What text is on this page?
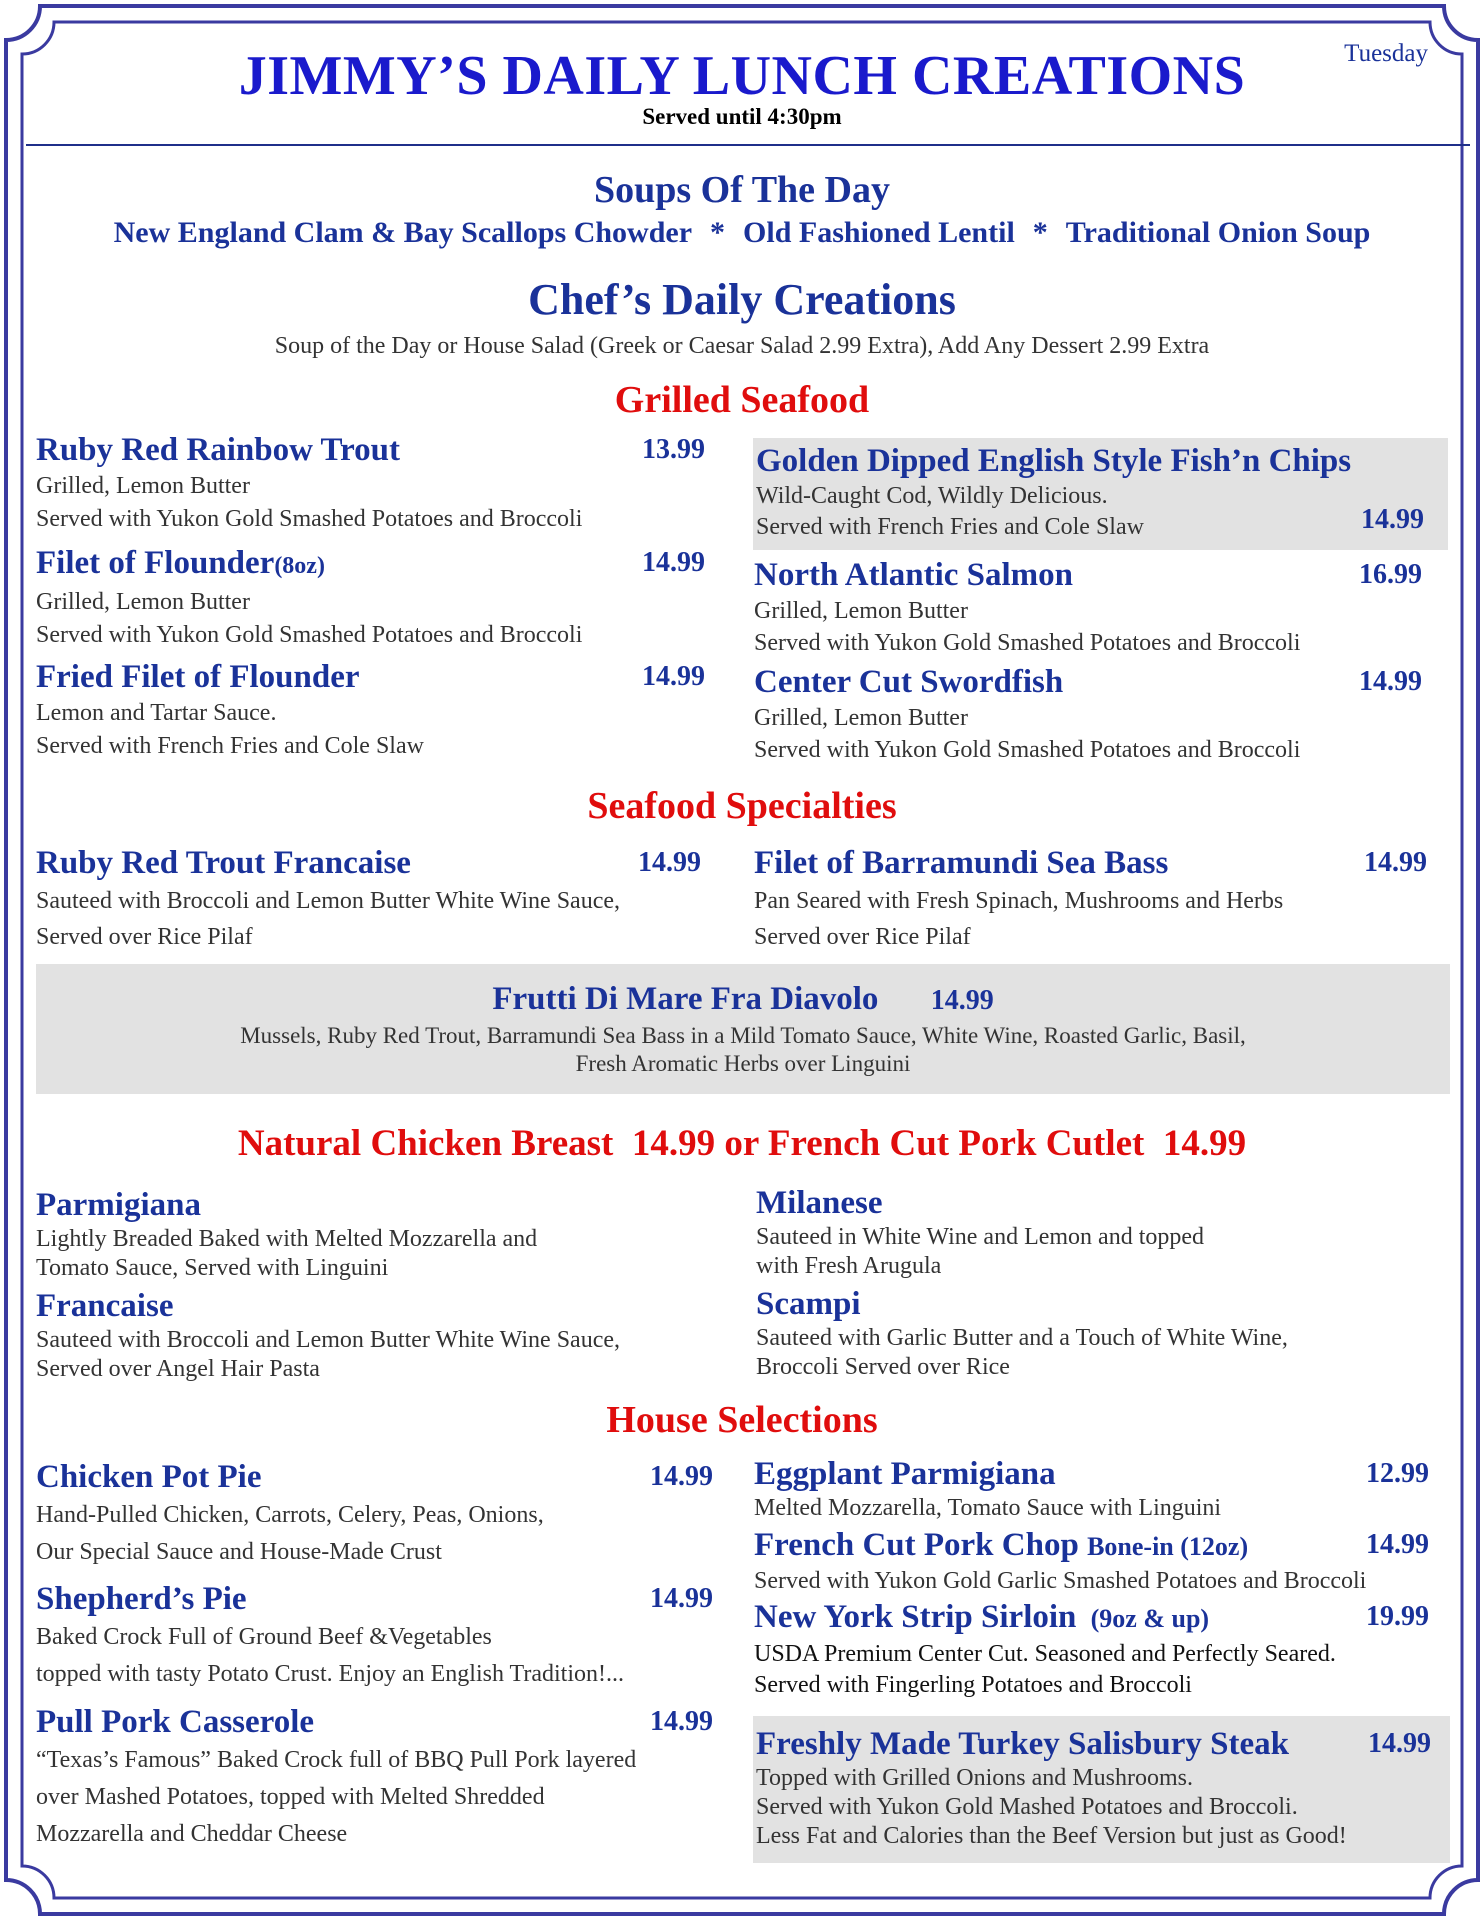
JIMMY’S DAILY LUNCH CREATIONS
Served until 4:30pm
Tuesday
Soups Of The Day
New England Clam & Bay Scallops Chowder * Old Fashioned Lentil * Traditional Onion Soup
Chef’s Daily Creations
Soup of the Day or House Salad (Greek or Caesar Salad 2.99 Extra), Add Any Dessert 2.99 Extra
Grilled Seafood
Ruby Red Rainbow Trout	13.99
Grilled, Lemon Butter
Served with Yukon Gold Smashed Potatoes and Broccoli
Filet of Flounder(8oz)	14.99
Grilled, Lemon Butter
Served with Yukon Gold Smashed Potatoes and Broccoli
Fried Filet of Flounder	14.99
Lemon and Tartar Sauce.
Served with French Fries and Cole Slaw
Golden Dipped English Style Fish’n Chips
Wild-Caught Cod, Wildly Delicious.
Served with French Fries and Cole Slaw	14.99
North Atlantic Salmon	16.99
Grilled, Lemon Butter
Served with Yukon Gold Smashed Potatoes and Broccoli
Center Cut Swordfish	14.99
Grilled, Lemon Butter
Served with Yukon Gold Smashed Potatoes and Broccoli
Seafood Specialties
Ruby Red Trout Francaise	14.99
Sauteed with Broccoli and Lemon Butter White Wine Sauce,
Served over Rice Pilaf
Filet of Barramundi Sea Bass	14.99
Pan Seared with Fresh Spinach, Mushrooms and Herbs
Served over Rice Pilaf
Frutti Di Mare Fra Diavolo 14.99
Mussels, Ruby Red Trout, Barramundi Sea Bass in a Mild Tomato Sauce, White Wine, Roasted Garlic, Basil,
Fresh Aromatic Herbs over Linguini
Natural Chicken Breast  14.99 or French Cut Pork Cutlet  14.99
Parmigiana
Lightly Breaded Baked with Melted Mozzarella and
Tomato Sauce, Served with Linguini
Francaise
Sauteed with Broccoli and Lemon Butter White Wine Sauce,
Served over Angel Hair Pasta
Milanese
Sauteed in White Wine and Lemon and topped
with Fresh Arugula
Scampi
Sauteed with Garlic Butter and a Touch of White Wine,
Broccoli Served over Rice
House Selections
Chicken Pot Pie	14.99
Hand-Pulled Chicken, Carrots, Celery, Peas, Onions,
Our Special Sauce and House-Made Crust
Shepherd’s Pie	14.99
Baked Crock Full of Ground Beef &Vegetables
topped with tasty Potato Crust. Enjoy an English Tradition!...
Pull Pork Casserole	14.99
“Texas’s Famous” Baked Crock full of BBQ Pull Pork layered
over Mashed Potatoes, topped with Melted Shredded
Mozzarella and Cheddar Cheese
Eggplant Parmigiana	12.99
Melted Mozzarella, Tomato Sauce with Linguini
French Cut Pork Chop Bone-in (12oz)	14.99
Served with Yukon Gold Garlic Smashed Potatoes and Broccoli
New York Strip Sirloin (9oz & up)	19.99
USDA Premium Center Cut. Seasoned and Perfectly Seared.
Served with Fingerling Potatoes and Broccoli
Freshly Made Turkey Salisbury Steak	14.99
Topped with Grilled Onions and Mushrooms.
Served with Yukon Gold Mashed Potatoes and Broccoli.
Less Fat and Calories than the Beef Version but just as Good!
